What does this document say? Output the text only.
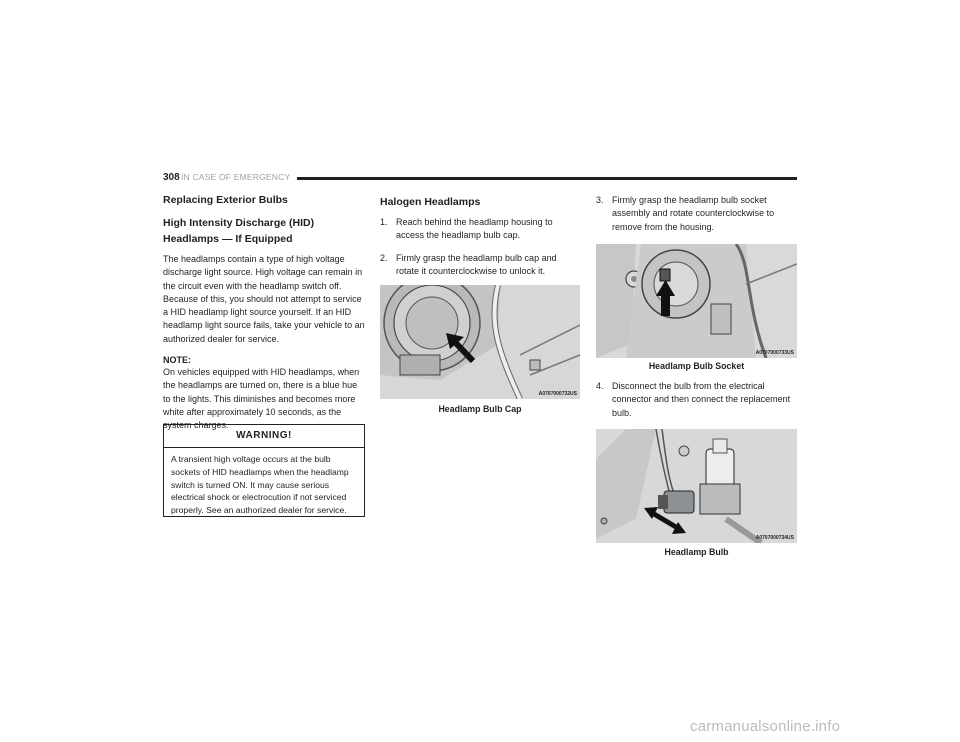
308 IN CASE OF EMERGENCY
Replacing Exterior Bulbs
High Intensity Discharge (HID) Headlamps — If Equipped
The headlamps contain a type of high voltage discharge light source. High voltage can remain in the circuit even with the headlamp switch off. Because of this, you should not attempt to service a HID headlamp light source yourself. If an HID headlamp light source fails, take your vehicle to an authorized dealer for service.
NOTE:
On vehicles equipped with HID headlamps, when the headlamps are turned on, there is a blue hue to the lights. This diminishes and becomes more white after approximately 10 seconds, as the system charges.
WARNING!
A transient high voltage occurs at the bulb sockets of HID headlamps when the headlamp switch is turned ON. It may cause serious electrical shock or electrocution if not serviced properly. See an authorized dealer for service.
Halogen Headlamps
1. Reach behind the headlamp housing to access the headlamp bulb cap.
2. Firmly grasp the headlamp bulb cap and rotate it counterclockwise to unlock it.
A0707000732US
Headlamp Bulb Cap
3. Firmly grasp the headlamp bulb socket assembly and rotate counterclockwise to remove from the housing.
A0707000733US
Headlamp Bulb Socket
4. Disconnect the bulb from the electrical connector and then connect the replacement bulb.
A0707000734US
Headlamp Bulb
carmanualsonline.info
